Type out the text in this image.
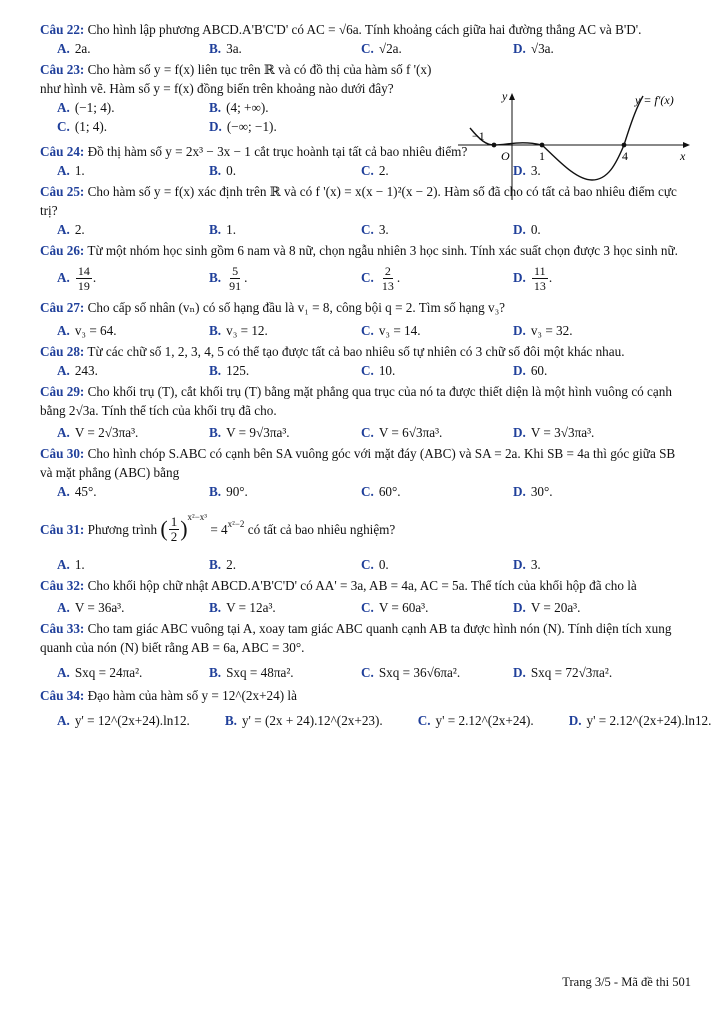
Câu 22: Cho hình lập phương ABCD.A'B'C'D' có AC = √6a. Tính khoảng cách giữa hai đường thẳng AC và B'D'.
A. 2a.	B. 3a.	C. √2a.	D. √3a.
Câu 23: Cho hàm số y = f(x) liên tục trên ℝ và có đồ thị của hàm số f '(x) như hình vẽ. Hàm số y = f(x) đồng biến trên khoảng nào dưới đây?
A. (−1; 4).	B. (4; +∞).
C. (1; 4).	D. (−∞; −1).
Câu 24: Đồ thị hàm số y = 2x³ − 3x − 1 cắt trục hoành tại tất cả bao nhiêu điểm?
A. 1.	B. 0.	C. 2.	D. 3.
Câu 25: Cho hàm số y = f(x) xác định trên ℝ và có f '(x) = x(x − 1)²(x − 2). Hàm số đã cho có tất cả bao nhiêu điểm cực trị?
A. 2.	B. 1.	C. 3.	D. 0.
Câu 26: Từ một nhóm học sinh gồm 6 nam và 8 nữ, chọn ngẫu nhiên 3 học sinh. Tính xác suất chọn được 3 học sinh nữ.
A. $\frac{14}{19}$ .	B. $\frac{5}{91}$ .	C. $\frac{2}{13}$ .	D. $\frac{11}{13}$ .
Câu 27: Cho cấp số nhân (vₙ) có số hạng đầu là v₁ = 8, công bội q = 2. Tìm số hạng v₃?
A. v₃ = 64.	B. v₃ = 12.	C. v₃ = 14.	D. v₃ = 32.
Câu 28: Từ các chữ số 1, 2, 3, 4, 5 có thể tạo được tất cả bao nhiêu số tự nhiên có 3 chữ số đôi một khác nhau.
A. 243.	B. 125.	C. 10.	D. 60.
Câu 29: Cho khối trụ (T), cắt khối trụ (T) bằng mặt phẳng qua trục của nó ta được thiết diện là một hình vuông có cạnh bằng 2√3a. Tính thể tích của khối trụ đã cho.
A. V = 2√3πa³.	B. V = 9√3πa³.	C. V = 6√3πa³.	D. V = 3√3πa³.
Câu 30: Cho hình chóp S.ABC có cạnh bên SA vuông góc với mặt đáy (ABC) và SA = 2a. Khi SB = 4a thì góc giữa SB và mặt phẳng (ABC) bằng
A. 45°.	B. 90°.	C. 60°.	D. 30°.
Câu 31:
Phương trình
( $\frac{1}{2} )^{x^2-x^3}$

= $4^{x^2-2}$
có tất cả bao nhiêu nghiệm?
A. 1.	B. 2.	C. 0.	D. 3.
Câu 32: Cho khối hộp chữ nhật ABCD.A'B'C'D' có AA' = 3a, AB = 4a, AC = 5a. Thể tích của khối hộp đã cho là
A. V = 36a³.	B. V = 12a³.	C. V = 60a³.	D. V = 20a³.
Câu 33: Cho tam giác ABC vuông tại A, xoay tam giác ABC quanh cạnh AB ta được hình nón (N). Tính diện tích xung quanh của nón (N) biết rằng AB = 6a, ABC = 30°.
A. Sxq = 24πa².	B. Sxq = 48πa².	C. Sxq = 36√6πa².	D. Sxq = 72√3πa².
Câu 34: Đạo hàm của hàm số y = 12^(2x+24) là
A. y' = 12^(2x+24).ln12.	B. y' = (2x + 24).12^(2x+23).	C. y' = 2.12^(2x+24).	D. y' = 2.12^(2x+24).ln12.
y
x
O
−1
1	4
y = f′(x)
Trang 3/5 - Mã đề thi 501
